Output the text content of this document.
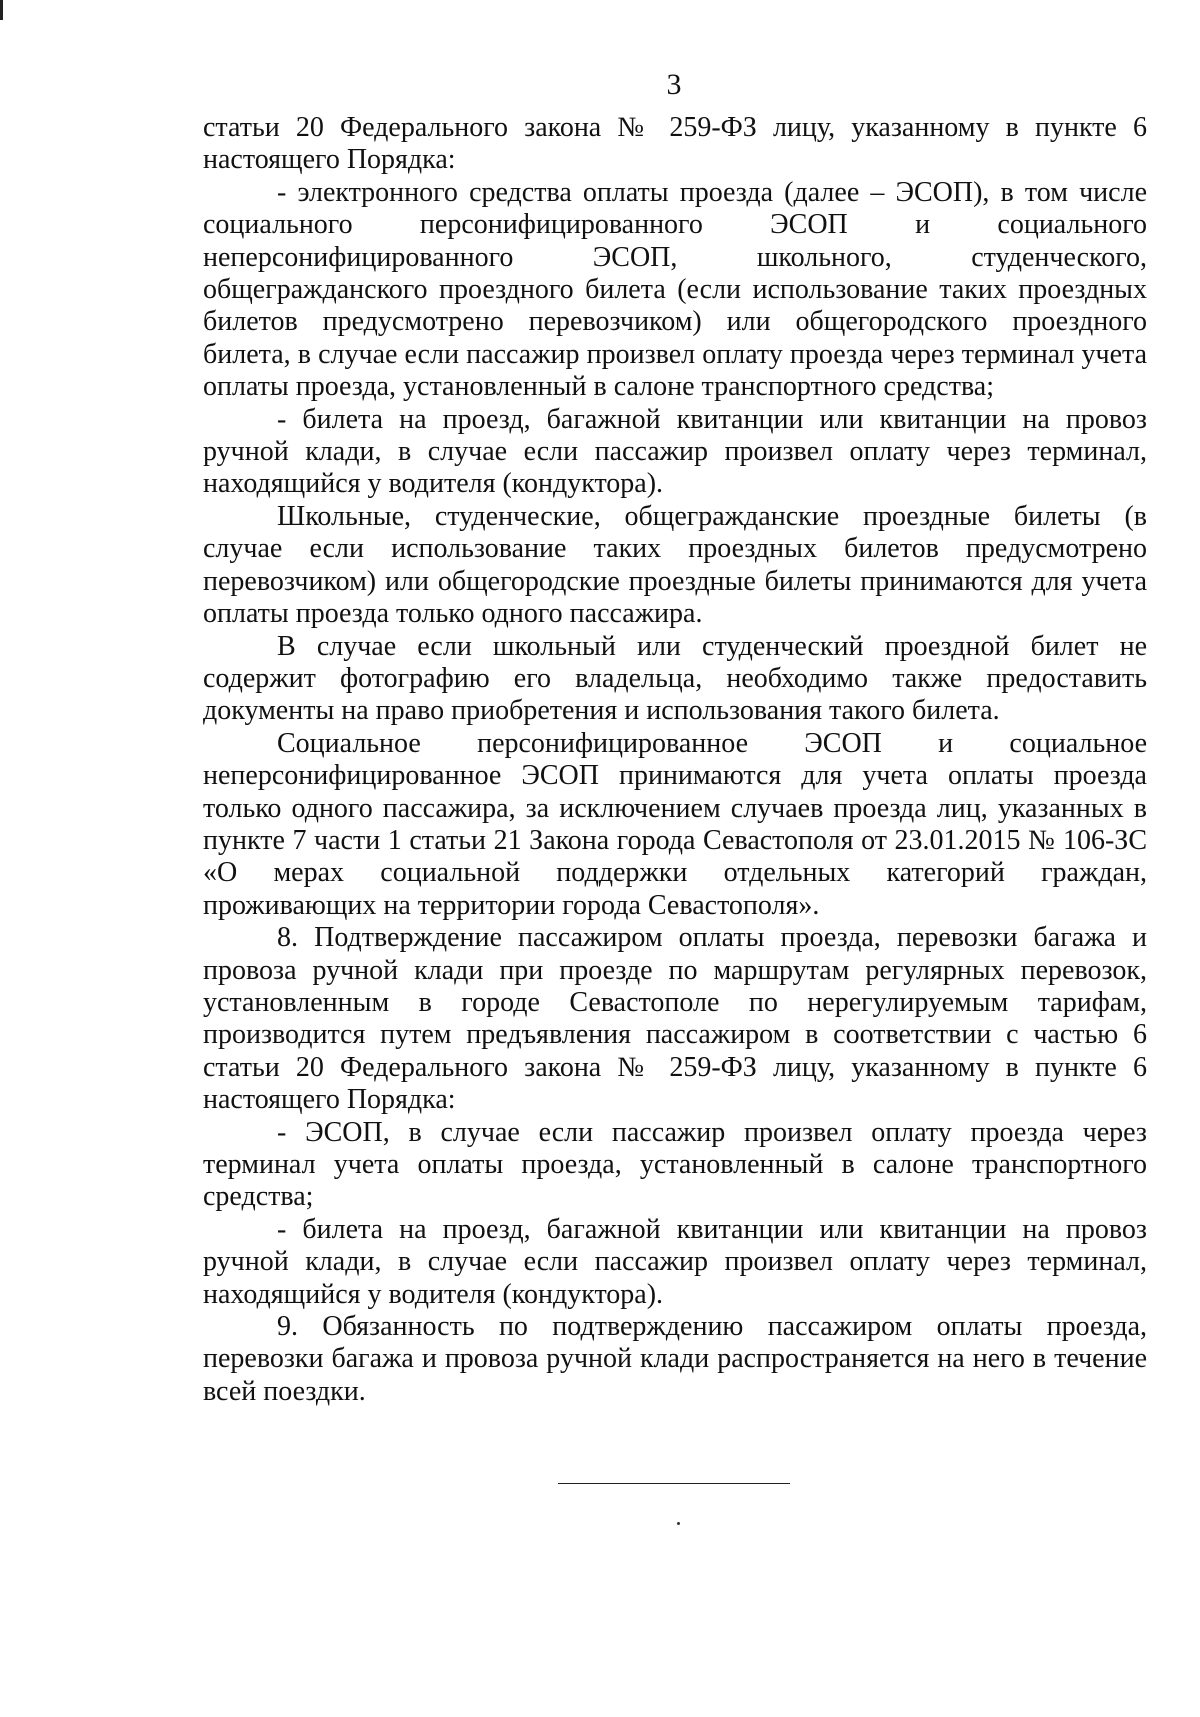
3

статьи 20 Федерального закона № 259-ФЗ лицу, указанному в пункте 6 настоящего Порядка:

- электронного средства оплаты проезда (далее – ЭСОП), в том числе социального персонифицированного ЭСОП и социального неперсонифицированного ЭСОП, школьного, студенческого, общегражданского проездного билета (если использование таких проездных билетов предусмотрено перевозчиком) или общегородского проездного билета, в случае если пассажир произвел оплату проезда через терминал учета оплаты проезда, установленный в салоне транспортного средства;

- билета на проезд, багажной квитанции или квитанции на провоз ручной клади, в случае если пассажир произвел оплату через терминал, находящийся у водителя (кондуктора).

Школьные, студенческие, общегражданские проездные билеты (в случае если использование таких проездных билетов предусмотрено перевозчиком) или общегородские проездные билеты принимаются для учета оплаты проезда только одного пассажира.

В случае если школьный или студенческий проездной билет не содержит фотографию его владельца, необходимо также предоставить документы на право приобретения и использования такого билета.

Социальное персонифицированное ЭСОП и социальное неперсонифицированное ЭСОП принимаются для учета оплаты проезда только одного пассажира, за исключением случаев проезда лиц, указанных в пункте 7 части 1 статьи 21 Закона города Севастополя от 23.01.2015 № 106-ЗС «О мерах социальной поддержки отдельных категорий граждан, проживающих на территории города Севастополя».

8. Подтверждение пассажиром оплаты проезда, перевозки багажа и провоза ручной клади при проезде по маршрутам регулярных перевозок, установленным в городе Севастополе по нерегулируемым тарифам, производится путем предъявления пассажиром в соответствии с частью 6 статьи 20 Федерального закона № 259-ФЗ лицу, указанному в пункте 6 настоящего Порядка:

- ЭСОП, в случае если пассажир произвел оплату проезда через терминал учета оплаты проезда, установленный в салоне транспортного средства;

- билета на проезд, багажной квитанции или квитанции на провоз ручной клади, в случае если пассажир произвел оплату через терминал, находящийся у водителя (кондуктора).

9. Обязанность по подтверждению пассажиром оплаты проезда, перевозки багажа и провоза ручной клади распространяется на него в течение всей поездки.
